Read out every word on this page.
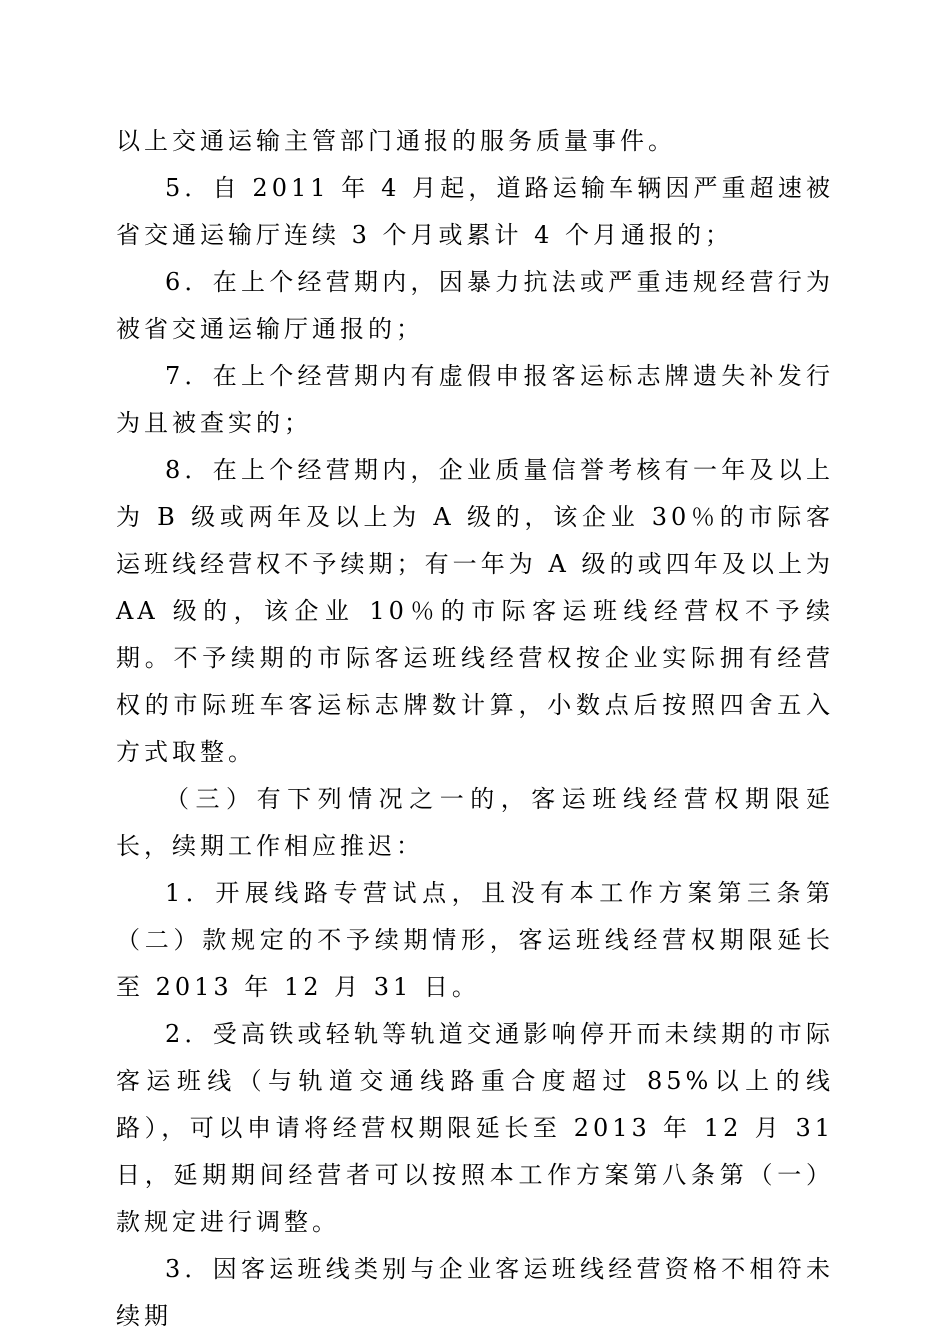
以上交通运输主管部门通报的服务质量事件。

5．自 2011 年 4 月起，道路运输车辆因严重超速被省交通运输厅连续 3 个月或累计 4 个月通报的；

6．在上个经营期内，因暴力抗法或严重违规经营行为被省交通运输厅通报的；

7．在上个经营期内有虚假申报客运标志牌遗失补发行为且被查实的；

8．在上个经营期内，企业质量信誉考核有一年及以上为 B 级或两年及以上为 A 级的，该企业 30％的市际客运班线经营权不予续期；有一年为 A 级的或四年及以上为 AA 级的，该企业 10％的市际客运班线经营权不予续期。不予续期的市际客运班线经营权按企业实际拥有经营权的市际班车客运标志牌数计算，小数点后按照四舍五入方式取整。

（三）有下列情况之一的，客运班线经营权期限延长，续期工作相应推迟：

1．开展线路专营试点，且没有本工作方案第三条第（二）款规定的不予续期情形，客运班线经营权期限延长至 2013 年 12 月 31 日。

2．受高铁或轻轨等轨道交通影响停开而未续期的市际客运班线（与轨道交通线路重合度超过 85%以上的线路），可以申请将经营权期限延长至 2013 年 12 月 31 日，延期期间经营者可以按照本工作方案第八条第（一）款规定进行调整。

3．因客运班线类别与企业客运班线经营资格不相符未续期
